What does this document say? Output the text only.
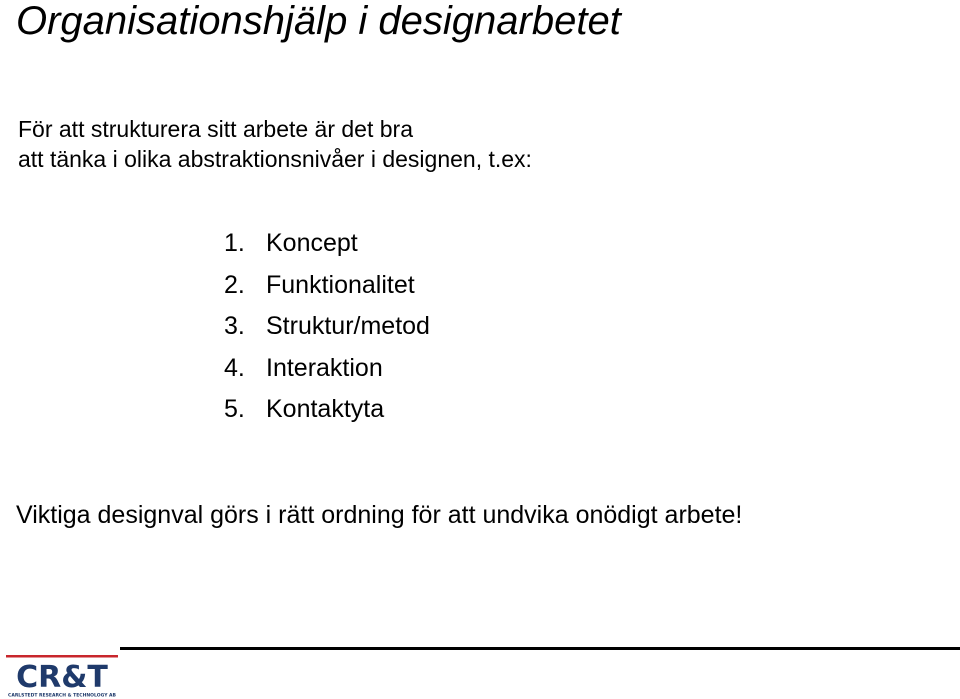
Organisationshjälp i designarbetet
För att strukturera sitt arbete är det bra
att tänka i olika abstraktionsnivåer i designen, t.ex:
1. Koncept
2. Funktionalitet
3. Struktur/metod
4. Interaktion
5. Kontaktyta

Viktiga designval görs i rätt ordning för att undvika onödigt arbete!

CR&T
CARLSTEDT RESEARCH & TECHNOLOGY AB
